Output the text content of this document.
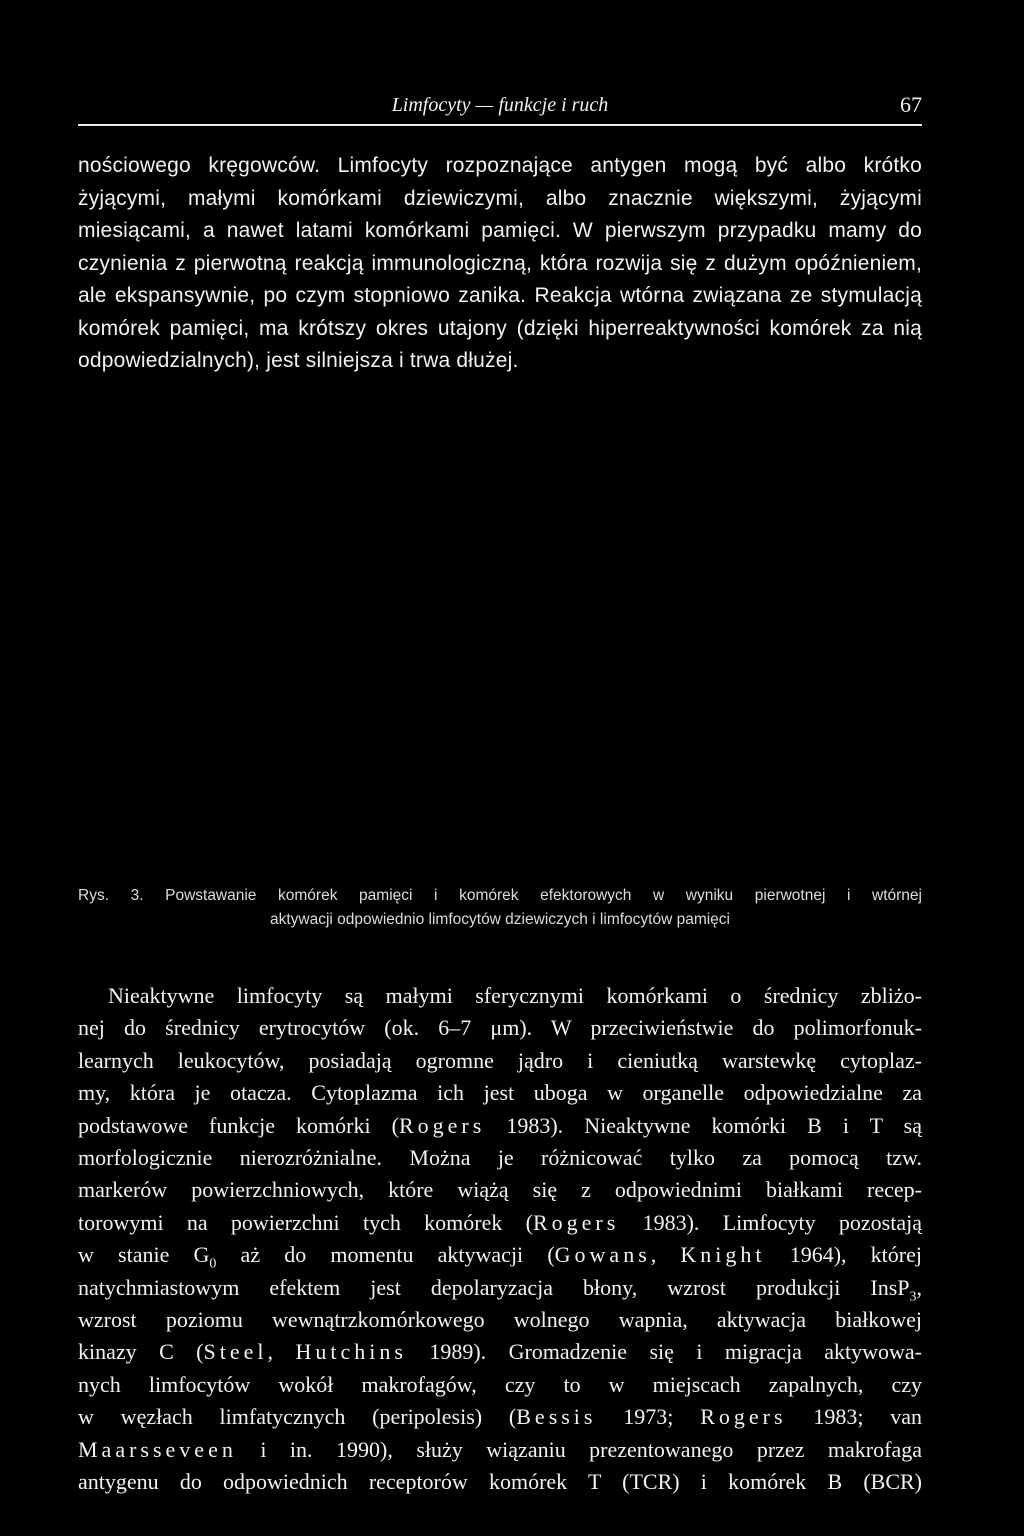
Limfocyty — funkcje i ruch	67

nościowego kręgowców. Limfocyty rozpoznające antygen mogą być albo krótko żyjącymi, małymi komórkami dziewiczymi, albo znacznie większymi, żyjącymi miesiącami, a nawet latami komórkami pamięci. W pierwszym przypadku mamy do czynienia z pierwotną reakcją immunologiczną, która rozwija się z dużym opóźnieniem, ale ekspansywnie, po czym stopniowo zanika. Reakcja wtórna związana ze stymulacją komórek pamięci, ma krótszy okres utajony (dzięki hiperreaktywności komórek za nią odpowiedzialnych), jest silniejsza i trwa dłużej.

Rys. 3. Powstawanie komórek pamięci i komórek efektorowych w wyniku pierwotnej i wtórnej
aktywacji odpowiednio limfocytów dziewiczych i limfocytów pamięci

Nieaktywne limfocyty są małymi sferycznymi komórkami o średnicy zbliżo-
nej do średnicy erytrocytów (ok. 6–7 μm). W przeciwieństwie do polimorfonuk-
learnych leukocytów, posiadają ogromne jądro i cieniutką warstewkę cytoplaz-
my, która je otacza. Cytoplazma ich jest uboga w organelle odpowiedzialne za
podstawowe funkcje komórki (Rogers 1983). Nieaktywne komórki B i T są
morfologicznie nierozróżnialne. Można je różnicować tylko za pomocą tzw.
markerów powierzchniowych, które wiążą się z odpowiednimi białkami recep-
torowymi na powierzchni tych komórek (Rogers 1983). Limfocyty pozostają
w stanie $G_0$ aż do momentu aktywacji (Gowans, Knight 1964), której
natychmiastowym efektem jest depolaryzacja błony, wzrost produkcji InsP$_3$,
wzrost poziomu wewnątrzkomórkowego wolnego wapnia, aktywacja białkowej
kinazy C (Steel, Hutchins 1989). Gromadzenie się i migracja aktywowa-
nych limfocytów wokół makrofagów, czy to w miejscach zapalnych, czy
w węzłach limfatycznych (peripolesis) (Bessis 1973; Rogers 1983; van
Maarsseveen i in. 1990), służy wiązaniu prezentowanego przez makrofaga
antygenu do odpowiednich receptorów komórek T (TCR) i komórek B (BCR)
